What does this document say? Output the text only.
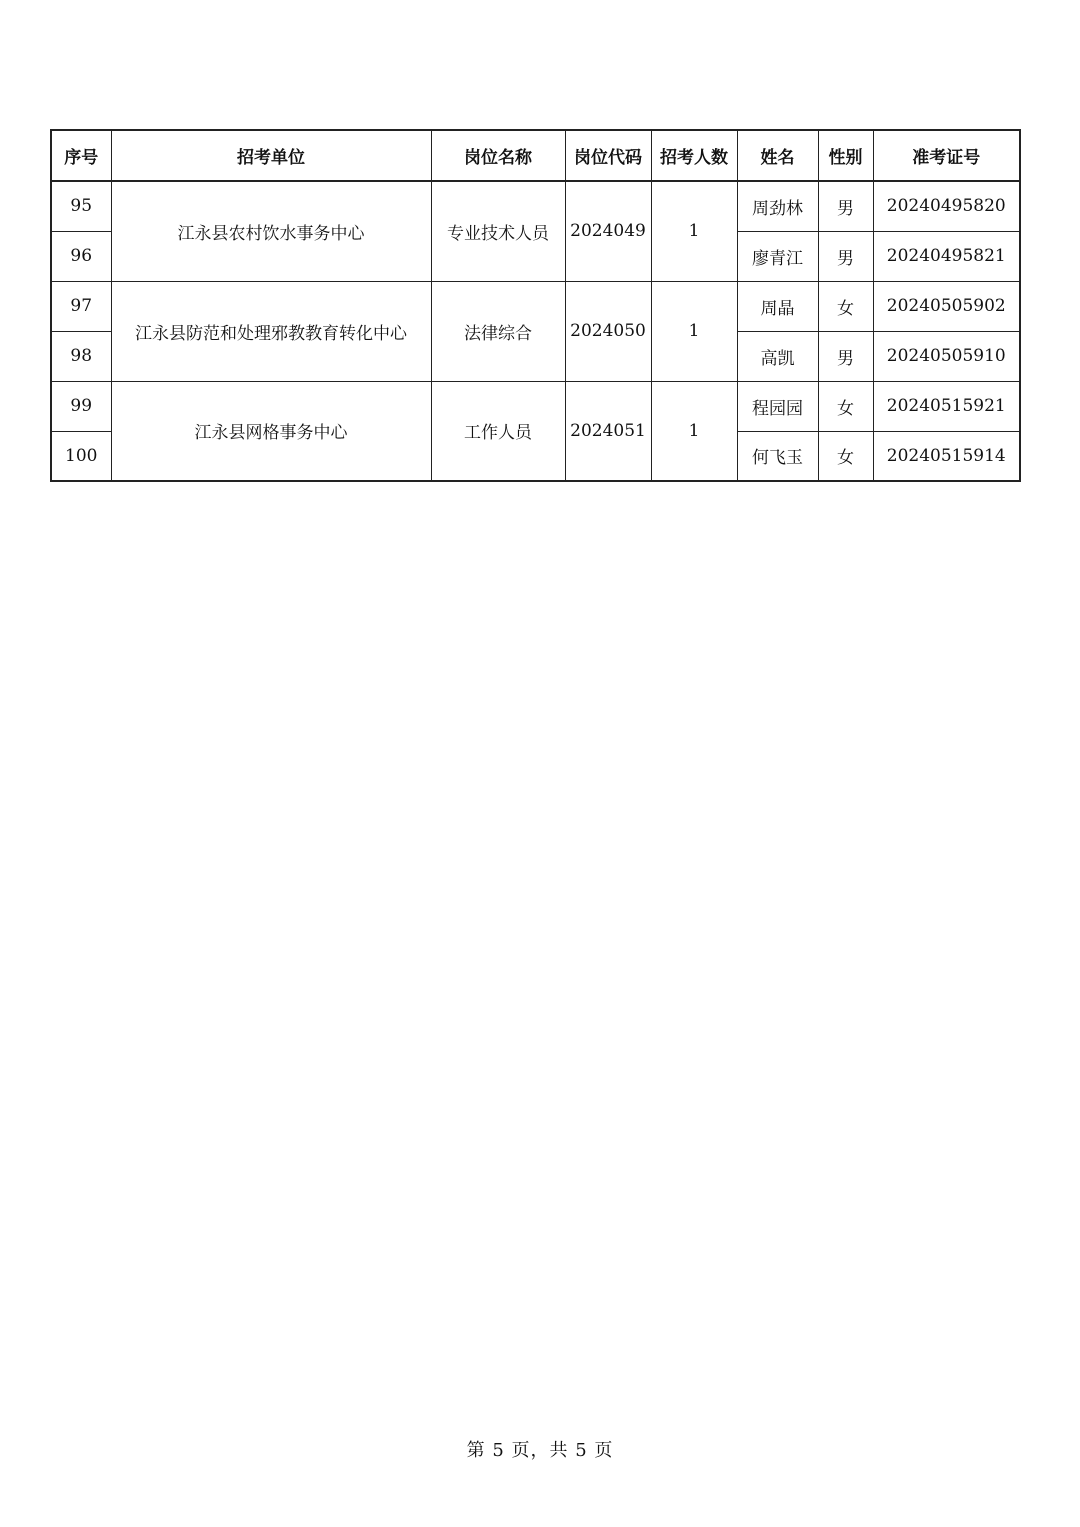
序号	招考单位	岗位名称	岗位代码	招考人数	姓名	性别	准考证号
95	江永县农村饮水事务中心	专业技术人员	2024049	1	周劲林	男	20240495820
96					廖青江	男	20240495821
97	江永县防范和处理邪教教育转化中心	法律综合	2024050	1	周晶	女	20240505902
98					高凯	男	20240505910
99	江永县网格事务中心	工作人员	2024051	1	程园园	女	20240515921
100					何飞玉	女	20240515914
第 5 页，共 5 页
